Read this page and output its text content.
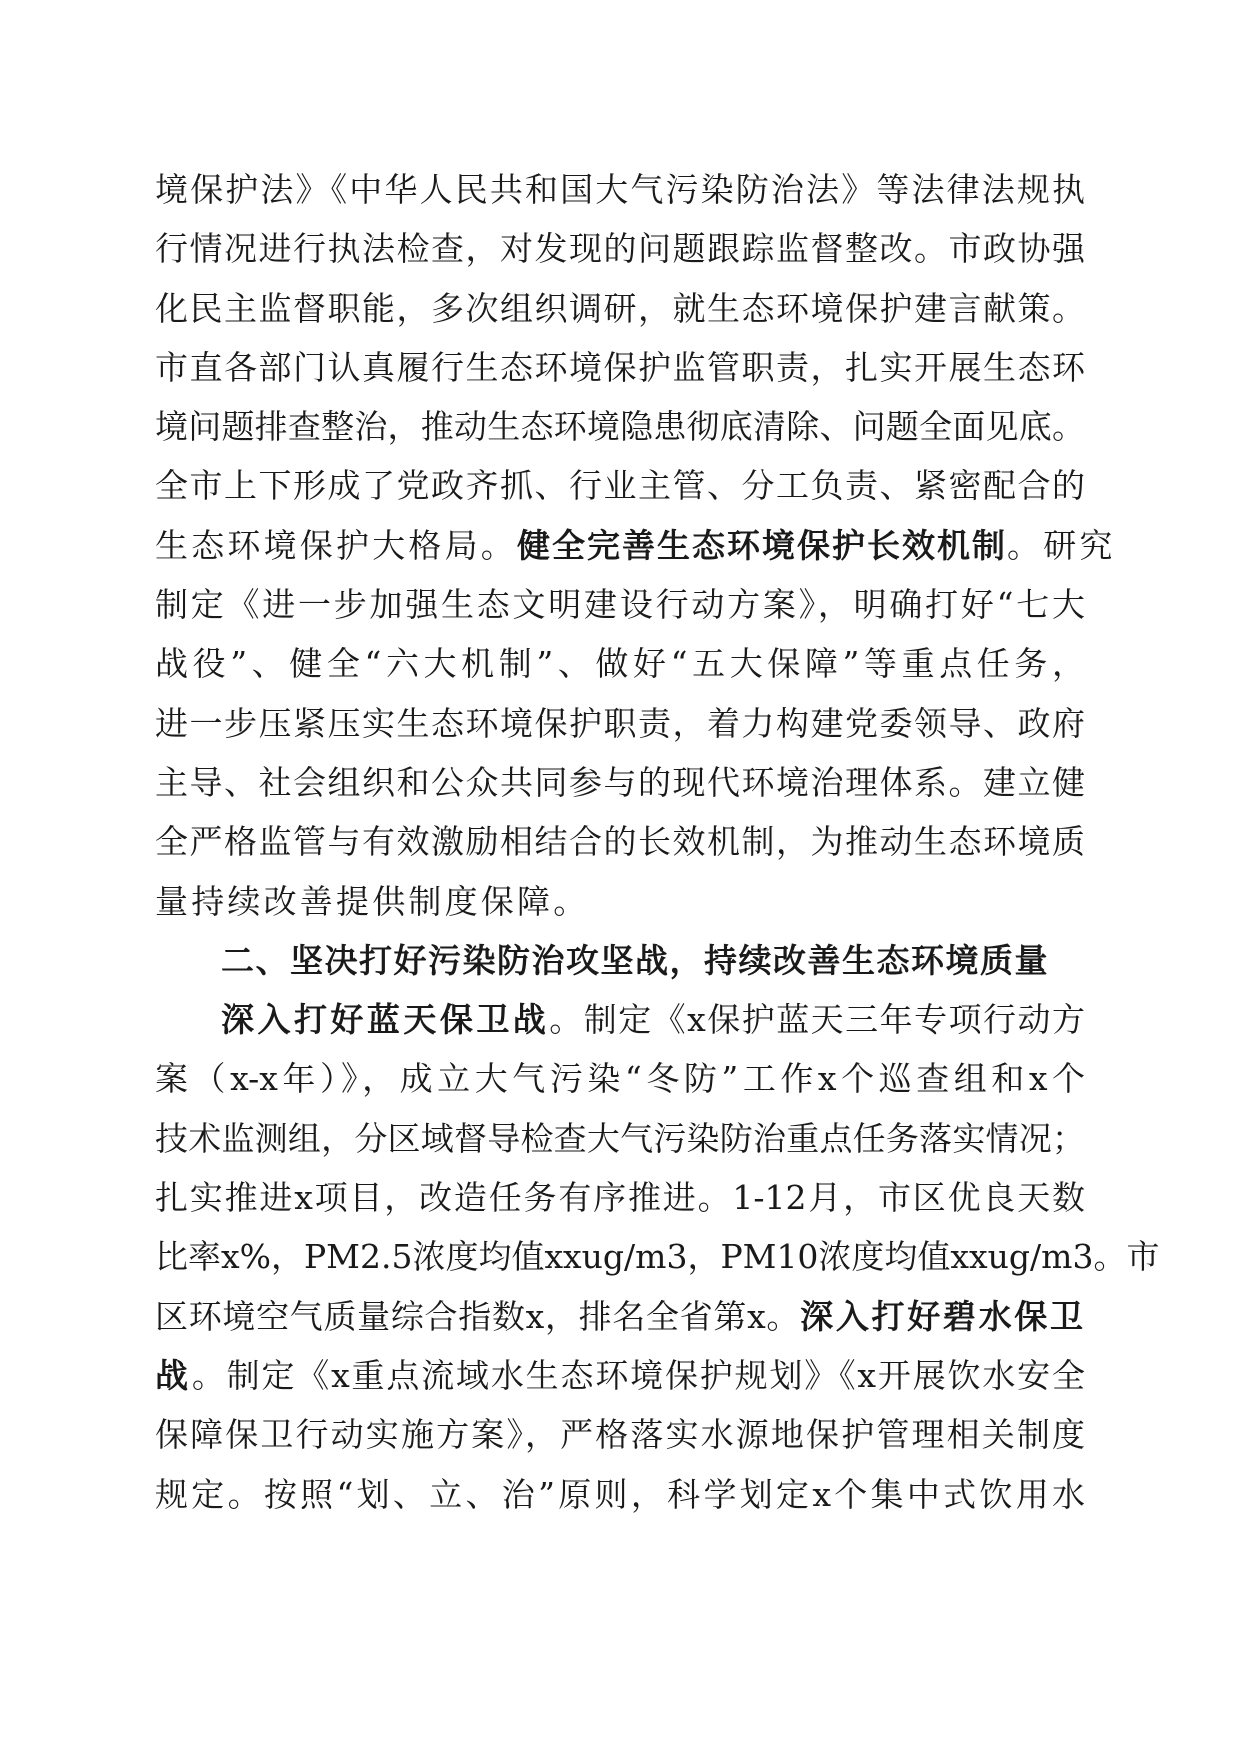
境保护法》《中华人民共和国大气污染防治法》等法律法规执
行情况进行执法检查，对发现的问题跟踪监督整改。市政协强
化民主监督职能，多次组织调研，就生态环境保护建言献策。
市直各部门认真履行生态环境保护监管职责，扎实开展生态环
境问题排查整治，推动生态环境隐患彻底清除、问题全面见底。
全市上下形成了党政齐抓、行业主管、分工负责、紧密配合的
生态环境保护大格局。健全完善生态环境保护长效机制。研究
制定《进一步加强生态文明建设行动方案》，明确打好“七大
战役”、健全“六大机制”、做好“五大保障”等重点任务，
进一步压紧压实生态环境保护职责，着力构建党委领导、政府
主导、社会组织和公众共同参与的现代环境治理体系。建立健
全严格监管与有效激励相结合的长效机制，为推动生态环境质
量持续改善提供制度保障。
二、坚决打好污染防治攻坚战，持续改善生态环境质量
深入打好蓝天保卫战。制定《x保护蓝天三年专项行动方
案（x-x年）》，成立大气污染“冬防”工作x个巡查组和x个
技术监测组，分区域督导检查大气污染防治重点任务落实情况；
扎实推进x项目，改造任务有序推进。1-12月，市区优良天数
比率x%，PM2.5浓度均值xxug/m3，PM10浓度均值xxug/m3。市
区环境空气质量综合指数x，排名全省第x。深入打好碧水保卫
战。制定《x重点流域水生态环境保护规划》《x开展饮水安全
保障保卫行动实施方案》，严格落实水源地保护管理相关制度
规定。按照“划、立、治”原则，科学划定x个集中式饮用水
